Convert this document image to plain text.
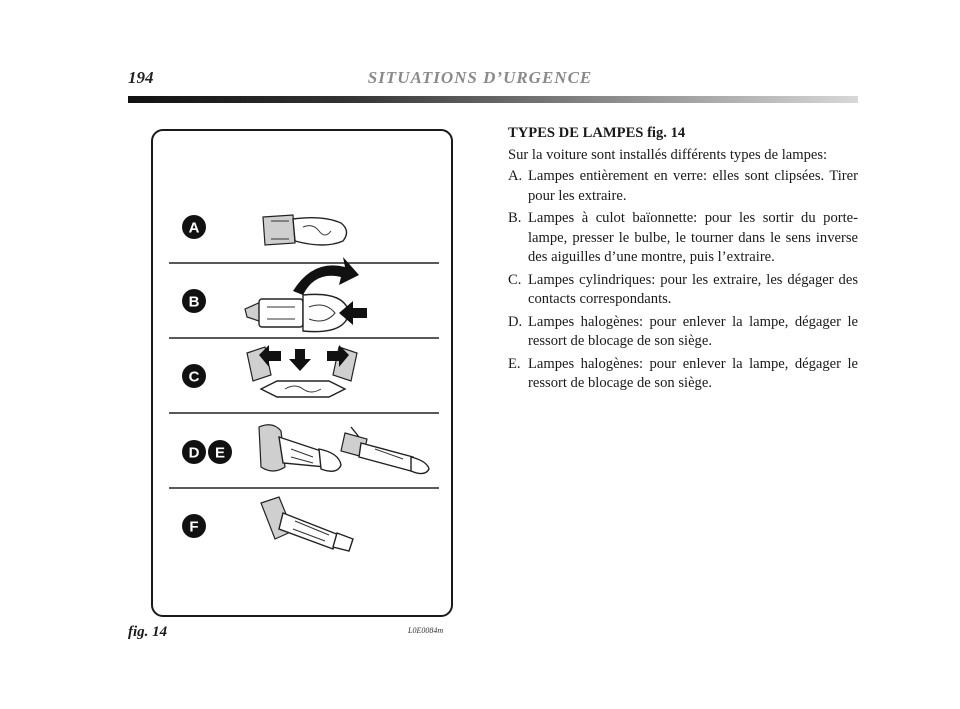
194	SITUATIONS D’URGENCE
A
B
C
D E
F
fig. 14	L0E0084m
TYPES DE LAMPES fig. 14

Sur la voiture sont installés différents types de lampes:

A. Lampes entièrement en verre: elles sont clipsées. Tirer pour les extraire.
B. Lampes à culot baïonnette: pour les sortir du porte-lampe, presser le bulbe, le tourner dans le sens inverse des aiguilles d’une montre, puis l’extraire.
C. Lampes cylindriques: pour les extraire, les dégager des contacts correspondants.
D. Lampes halogènes: pour enlever la lampe, dégager le ressort de blocage de son siège.
E. Lampes halogènes: pour enlever la lampe, dégager le ressort de blocage de son siège.
